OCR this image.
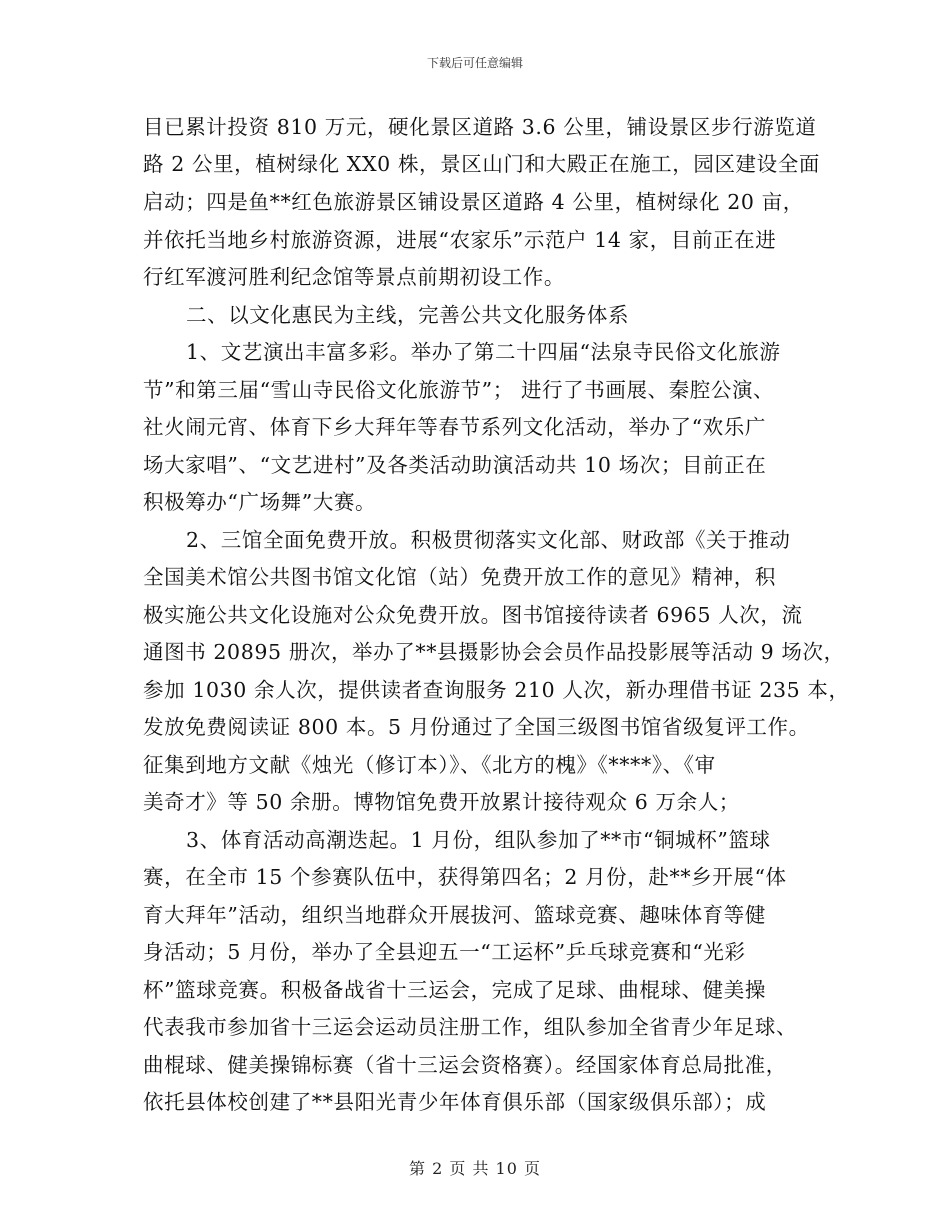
下载后可任意编辑
目已累计投资 810 万元，硬化景区道路 3.6 公里，铺设景区步行游览道
路 2 公里，植树绿化 XX0 株，景区山门和大殿正在施工，园区建设全面
启动；四是鱼**红色旅游景区铺设景区道路 4 公里，植树绿化 20 亩，
并依托当地乡村旅游资源，进展“农家乐”示范户 14 家，目前正在进
行红军渡河胜利纪念馆等景点前期初设工作。
二、以文化惠民为主线，完善公共文化服务体系
1、文艺演出丰富多彩。举办了第二十四届“法泉寺民俗文化旅游
节”和第三届“雪山寺民俗文化旅游节”； 进行了书画展、秦腔公演、
社火闹元宵、体育下乡大拜年等春节系列文化活动，举办了“欢乐广
场大家唱”、“文艺进村”及各类活动助演活动共 10 场次；目前正在
积极筹办“广场舞”大赛。
2、三馆全面免费开放。积极贯彻落实文化部、财政部《关于推动
全国美术馆公共图书馆文化馆（站）免费开放工作的意见》精神，积
极实施公共文化设施对公众免费开放。图书馆接待读者 6965 人次，流
通图书 20895 册次，举办了**县摄影协会会员作品投影展等活动 9 场次，
参加 1030 余人次，提供读者查询服务 210 人次，新办理借书证 235 本，
发放免费阅读证 800 本。5 月份通过了全国三级图书馆省级复评工作。
征集到地方文献《烛光（修订本）》、《北方的槐》《****》、《审
美奇才》等 50 余册。博物馆免费开放累计接待观众 6 万余人；
3、体育活动高潮迭起。1 月份，组队参加了**市“铜城杯”篮球
赛，在全市 15 个参赛队伍中，获得第四名；2 月份，赴**乡开展“体
育大拜年”活动，组织当地群众开展拔河、篮球竞赛、趣味体育等健
身活动；5 月份，举办了全县迎五一“工运杯”乒乓球竞赛和“光彩
杯”篮球竞赛。积极备战省十三运会，完成了足球、曲棍球、健美操
代表我市参加省十三运会运动员注册工作，组队参加全省青少年足球、
曲棍球、健美操锦标赛（省十三运会资格赛）。经国家体育总局批准，
依托县体校创建了**县阳光青少年体育俱乐部（国家级俱乐部）；成
第 2 页 共 10 页
